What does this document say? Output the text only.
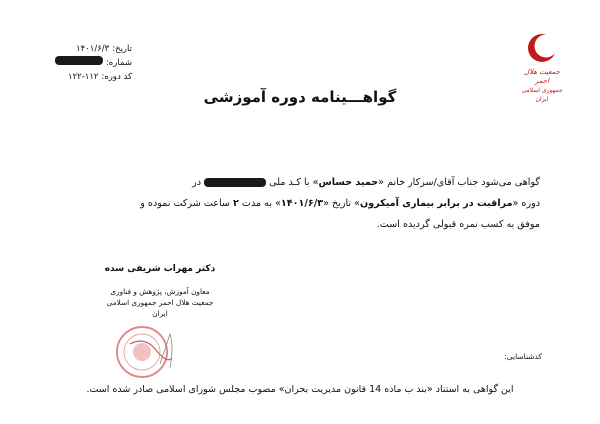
تاریخ:
۱۴۰۱/۶/۳
شماره:
کد دوره:
۱۲۲-۱۱۲	جمعیت هلال احمر
جمهوری اسلامی ایران
گواهـــینامه دوره آموزشی
گواهی می‌شود جناب آقای/سرکار خانم «حمید حساس» با کـد ملی  در
دوره «مراقبت در برابر بیماری آمیکرون» تاریخ «۱۴۰۱/۶/۳» به مدت ۲ ساعت شرکت نموده و
موفق به کسب نمره قبولی گردیده است.
دکتر مهراب شریفی سده
معاون آموزش، پژوهش و فناوری
جمعیت هلال احمر جمهوری اسلامی ایران
کدشناسایی:
این گواهی به استناد «بند ب ماده 14 قانون مدیریت بحران» مصوب مجلس شورای اسلامی صادر شده است.
